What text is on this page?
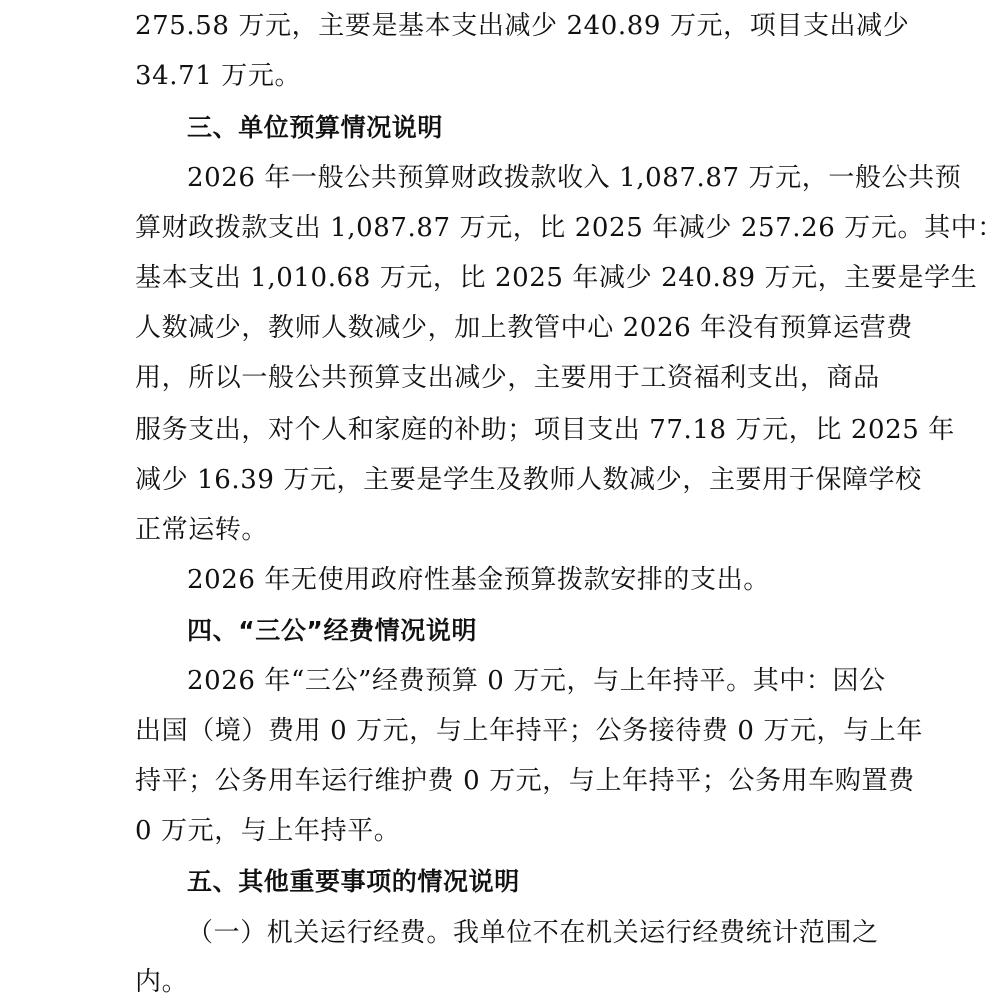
275.58 万元，主要是基本支出减少 240.89 万元，项目支出减少
34.71 万元。
三、单位预算情况说明
2026 年一般公共预算财政拨款收入 1,087.87 万元，一般公共预
算财政拨款支出 1,087.87 万元，比 2025 年减少 257.26 万元。其中：
基本支出 1,010.68 万元，比 2025 年减少 240.89 万元，主要是学生
人数减少，教师人数减少，加上教管中心 2026 年没有预算运营费
用，所以一般公共预算支出减少，主要用于工资福利支出，商品
服务支出，对个人和家庭的补助；项目支出 77.18 万元，比 2025 年
减少 16.39 万元，主要是学生及教师人数减少，主要用于保障学校
正常运转。
2026 年无使用政府性基金预算拨款安排的支出。
四、“三公”经费情况说明
2026 年“三公”经费预算 0 万元，与上年持平。其中：因公
出国（境）费用 0 万元，与上年持平；公务接待费 0 万元，与上年
持平；公务用车运行维护费 0 万元，与上年持平；公务用车购置费
0 万元，与上年持平。
五、其他重要事项的情况说明
（一）机关运行经费。我单位不在机关运行经费统计范围之
内。
